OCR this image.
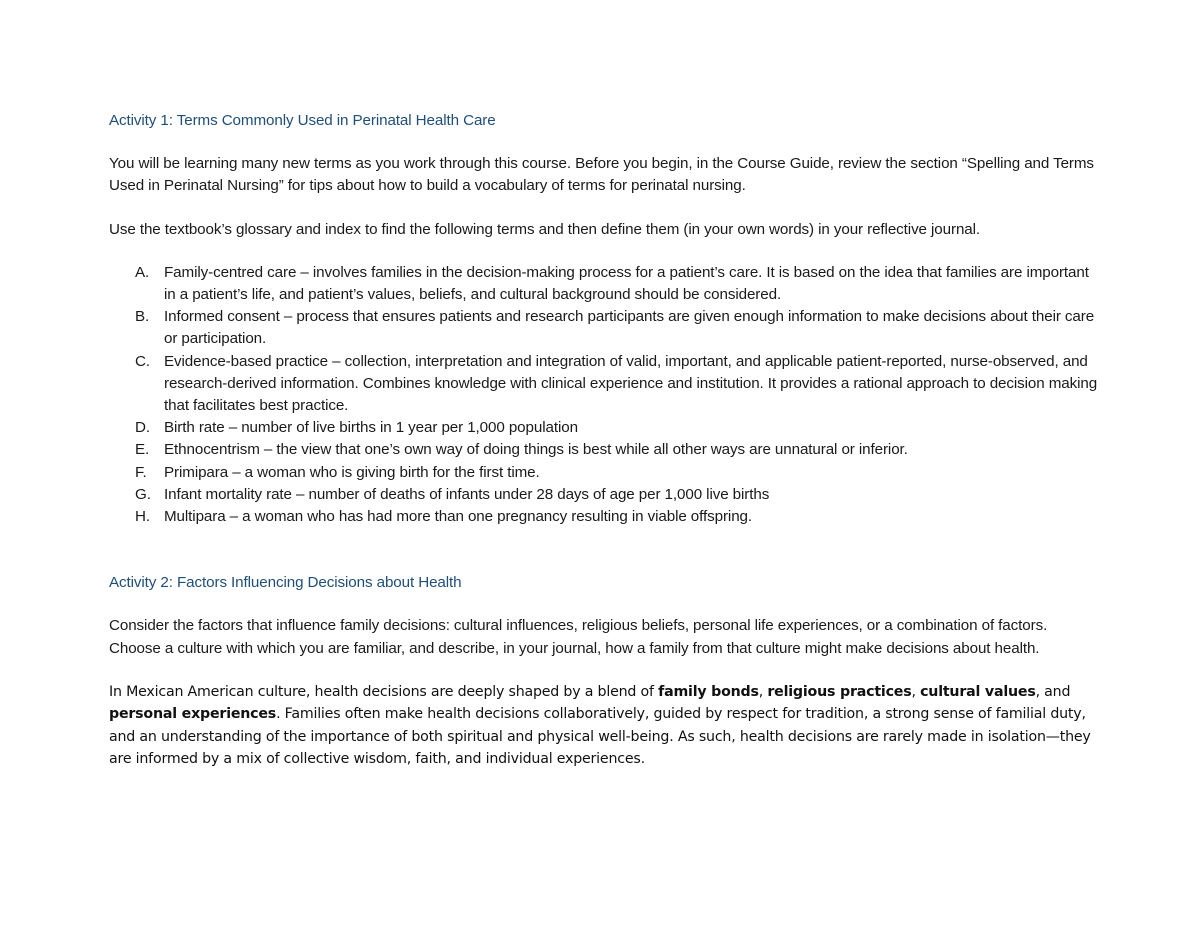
Activity 1: Terms Commonly Used in Perinatal Health Care

You will be learning many new terms as you work through this course. Before you begin, in the Course Guide, review the section “Spelling and Terms Used in Perinatal Nursing” for tips about how to build a vocabulary of terms for perinatal nursing.

Use the textbook’s glossary and index to find the following terms and then define them (in your own words) in your reflective journal.

A. Family-centred care – involves families in the decision-making process for a patient’s care. It is based on the idea that families are important in a patient’s life, and patient’s values, beliefs, and cultural background should be considered.
B. Informed consent – process that ensures patients and research participants are given enough information to make decisions about their care or participation.
C. Evidence-based practice – collection, interpretation and integration of valid, important, and applicable patient-reported, nurse-observed, and research-derived information. Combines knowledge with clinical experience and institution. It provides a rational approach to decision making that facilitates best practice.
D. Birth rate – number of live births in 1 year per 1,000 population
E. Ethnocentrism – the view that one’s own way of doing things is best while all other ways are unnatural or inferior.
F. Primipara – a woman who is giving birth for the first time.
G. Infant mortality rate – number of deaths of infants under 28 days of age per 1,000 live births
H. Multipara – a woman who has had more than one pregnancy resulting in viable offspring.
Activity 2: Factors Influencing Decisions about Health

Consider the factors that influence family decisions: cultural influences, religious beliefs, personal life experiences, or a combination of factors. Choose a culture with which you are familiar, and describe, in your journal, how a family from that culture might make decisions about health.

In Mexican American culture, health decisions are deeply shaped by a blend of family bonds, religious practices, cultural values, and personal experiences. Families often make health decisions collaboratively, guided by respect for tradition, a strong sense of familial duty, and an understanding of the importance of both spiritual and physical well-being. As such, health decisions are rarely made in isolation—they are informed by a mix of collective wisdom, faith, and individual experiences.
